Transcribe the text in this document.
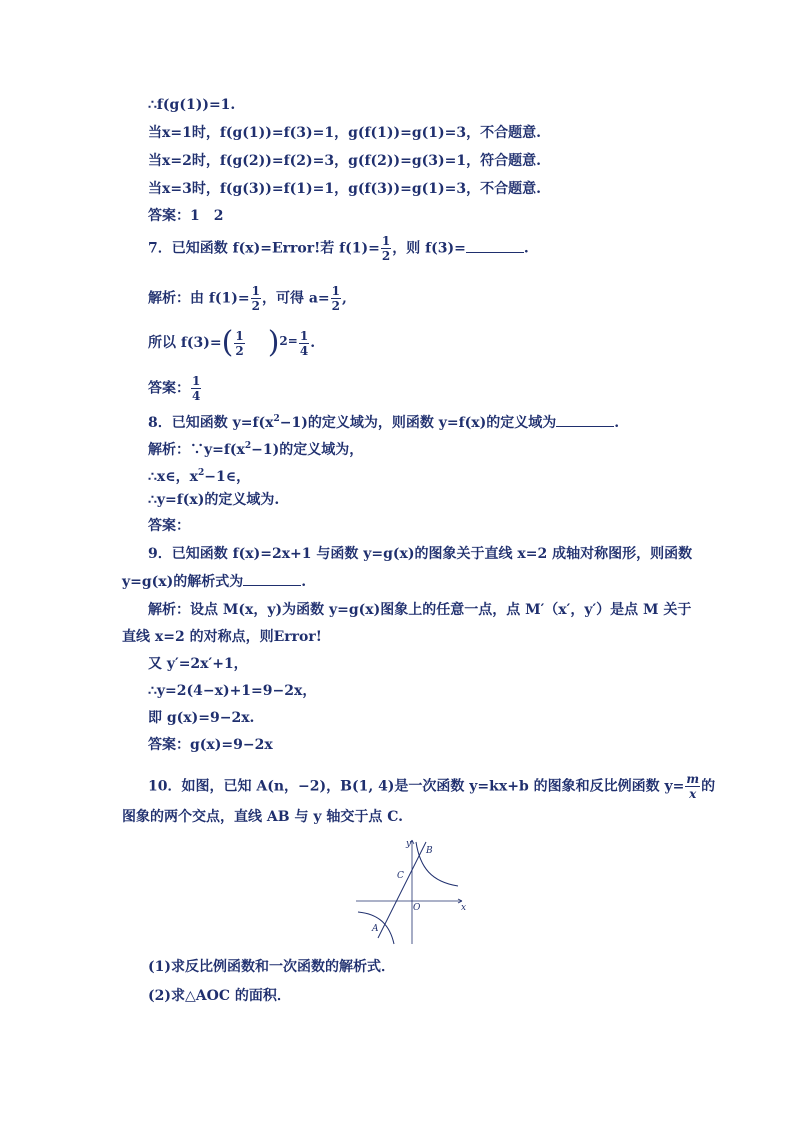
∴f(g(1))=1.
当x=1时，f(g(1))=f(3)=1，g(f(1))=g(1)=3，不合题意.
当x=2时，f(g(2))=f(2)=3，g(f(2))=g(3)=1，符合题意.
当x=3时，f(g(3))=f(1)=1，g(f(3))=g(1)=3，不合题意.
答案：1　2
7．已知函数 f(x)=Error!若 $f(1)= \frac{1}{2}$ ，则 f(3)=	.
解析：由 $f(1)= \frac{1}{2}$ ，可得 $a= \frac{1}{2}$ ,
所以 $f(3)=( \frac{1}{2} )^{2=} \frac{1}{4}$ .
答案： $\frac{1}{4}$
8．已知函数 $y=f(x^2-1)$的定义域为，则函数 y=f(x)的定义域为	.
解析：$\because y=f(x^2-1)$的定义域为，
∴x∈，$x^2-1\in$，
∴y=f(x)的定义域为.
答案：
9．已知函数 f(x)=2x+1 与函数 y=g(x)的图象关于直线 x=2 成轴对称图形，则函数
y=g(x)的解析式为	.
解析：设点 M(x，y)为函数 y=g(x)图象上的任意一点，点 M′（x′，y′）是点 M 关于
直线 x=2 的对称点，则Error!
又 y′=2x′+1，
∴y=2(4−x)+1=9−2x，
即 g(x)=9−2x.
答案：g(x)=9−2x
10．如图，已知 A(n，−2)，B(1, 4)是一次函数 y=kx+b 的图象和反比例函数 $y= \frac{m}{x}$ 的
图象的两个交点，直线 AB 与 y 轴交于点 C.
y
x
B
C
O
A
(1)求反比例函数和一次函数的解析式．
(2)求△AOC 的面积．
